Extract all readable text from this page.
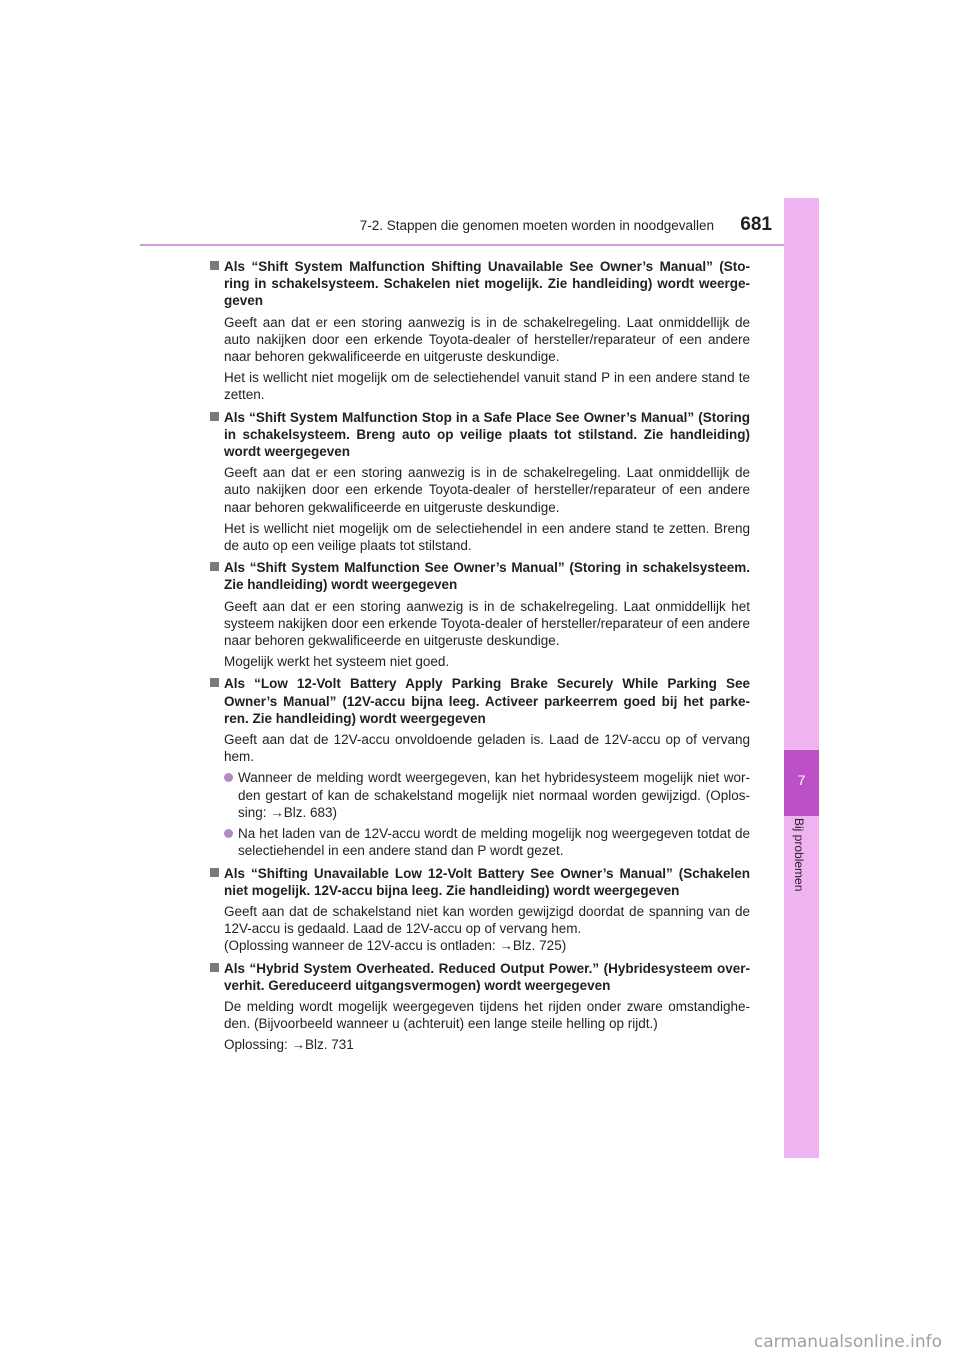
7-2. Stappen die genomen moeten worden in noodgevallen 681
7
Bij problemen
Als “Shift System Malfunction Shifting Unavailable See Owner’s Manual” (Sto-ring in schakelsysteem. Schakelen niet mogelijk. Zie handleiding) wordt weerge-geven
Geeft aan dat er een storing aanwezig is in de schakelregeling. Laat onmiddellijk de auto nakijken door een erkende Toyota-dealer of hersteller/reparateur of een andere naar behoren gekwalificeerde en uitgeruste deskundige.
Het is wellicht niet mogelijk om de selectiehendel vanuit stand P in een andere stand te zetten.
Als “Shift System Malfunction Stop in a Safe Place See Owner’s Manual” (Storing in schakelsysteem. Breng auto op veilige plaats tot stilstand. Zie handleiding) wordt weergegeven
Geeft aan dat er een storing aanwezig is in de schakelregeling. Laat onmiddellijk de auto nakijken door een erkende Toyota-dealer of hersteller/reparateur of een andere naar behoren gekwalificeerde en uitgeruste deskundige.
Het is wellicht niet mogelijk om de selectiehendel in een andere stand te zetten. Breng de auto op een veilige plaats tot stilstand.
Als “Shift System Malfunction See Owner’s Manual” (Storing in schakelsysteem. Zie handleiding) wordt weergegeven
Geeft aan dat er een storing aanwezig is in de schakelregeling. Laat onmiddellijk het systeem nakijken door een erkende Toyota-dealer of hersteller/reparateur of een andere naar behoren gekwalificeerde en uitgeruste deskundige.
Mogelijk werkt het systeem niet goed.
Als “Low 12-Volt Battery Apply Parking Brake Securely While Parking See Owner’s Manual” (12V-accu bijna leeg. Activeer parkeerrem goed bij het parke-ren. Zie handleiding) wordt weergegeven
Geeft aan dat de 12V-accu onvoldoende geladen is. Laad de 12V-accu op of vervang hem.
Wanneer de melding wordt weergegeven, kan het hybridesysteem mogelijk niet wor-den gestart of kan de schakelstand mogelijk niet normaal worden gewijzigd. (Oplos-sing: →Blz. 683)
Na het laden van de 12V-accu wordt de melding mogelijk nog weergegeven totdat de selectiehendel in een andere stand dan P wordt gezet.
Als “Shifting Unavailable Low 12-Volt Battery See Owner’s Manual” (Schakelen niet mogelijk. 12V-accu bijna leeg. Zie handleiding) wordt weergegeven
Geeft aan dat de schakelstand niet kan worden gewijzigd doordat de spanning van de 12V-accu is gedaald. Laad de 12V-accu op of vervang hem.
(Oplossing wanneer de 12V-accu is ontladen: →Blz. 725)
Als “Hybrid System Overheated. Reduced Output Power.” (Hybridesysteem over-verhit. Gereduceerd uitgangsvermogen) wordt weergegeven
De melding wordt mogelijk weergegeven tijdens het rijden onder zware omstandighe-den. (Bijvoorbeeld wanneer u (achteruit) een lange steile helling op rijdt.)
Oplossing: →Blz. 731
carmanualsonline.info
